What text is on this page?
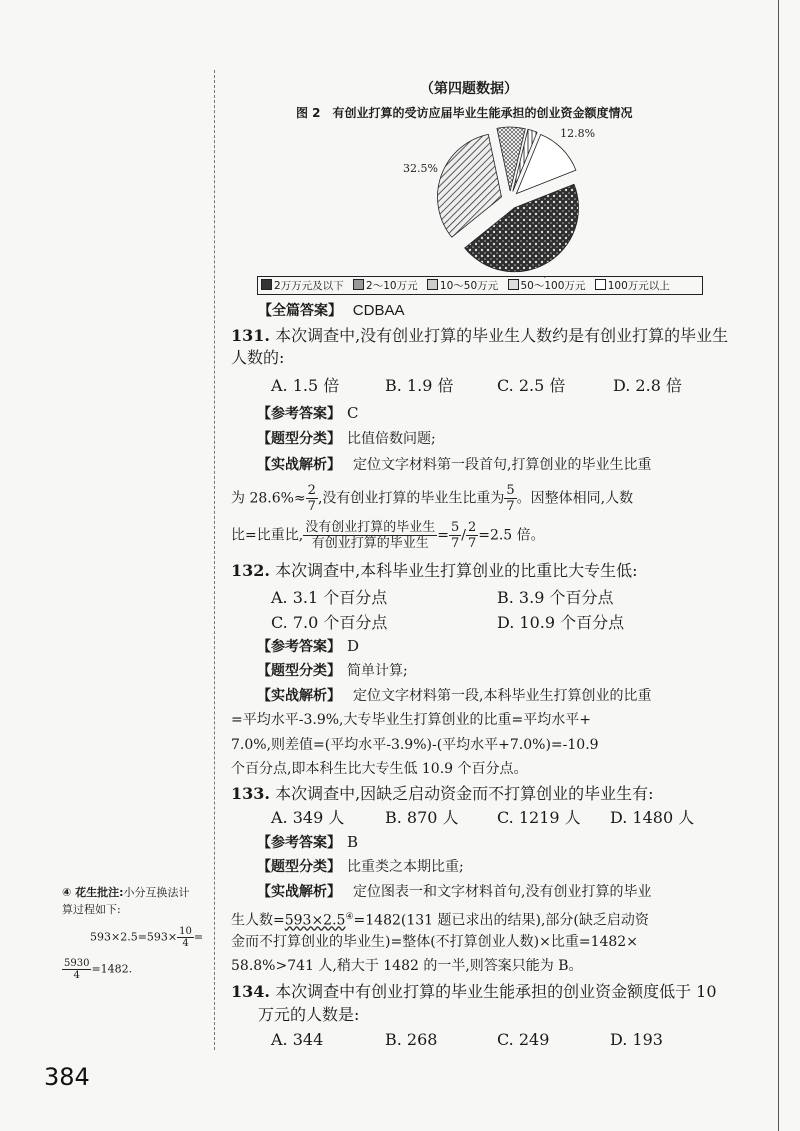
（第四题数据）
图 2　有创业打算的受访应届毕业生能承担的创业资金额度情况
32.5%
12.8%
2万万元及以下 2～10万元 10～50万元 50～100万元 100万元以上
【全篇答案】 CDBAA
131. 本次调查中,没有创业打算的毕业生人数约是有创业打算的毕业生人数的:
A. 1.5 倍	B. 1.9 倍	C. 2.5 倍	D. 2.8 倍
【参考答案】 C
【题型分类】 比值倍数问题;
【实战解析】 定位文字材料第一段首句,打算创业的毕业生比重
为 $28.6\%\approx \frac{2}{7}$ ,没有创业打算的毕业生比重为 $\frac{5}{7}$ 。因整体相同,人数
比=比重比, $\frac{\text{没有创业打算的毕业生}}{\text{有创业打算的毕业生}} = \frac{5}{7} / \frac{2}{7} =2.5$ 倍。
132. 本次调查中,本科毕业生打算创业的比重比大专生低:
A. 3.1 个百分点	B. 3.9 个百分点
C. 7.0 个百分点	D. 10.9 个百分点
【参考答案】 D
【题型分类】 简单计算;
【实战解析】 定位文字材料第一段,本科毕业生打算创业的比重
=平均水平-3.9%,大专毕业生打算创业的比重=平均水平+
7.0%,则差值=(平均水平-3.9%)-(平均水平+7.0%)=-10.9
个百分点,即本科生比大专生低 10.9 个百分点。
133. 本次调查中,因缺乏启动资金而不打算创业的毕业生有:
A. 349 人	B. 870 人 C. 1219 人 D. 1480 人
【参考答案】 B
【题型分类】 比重类之本期比重;
【实战解析】 定位图表一和文字材料首句,没有创业打算的毕业
生人数=593×2.5④=1482(131 题已求出的结果),部分(缺乏启动资
金而不打算创业的毕业生)=整体(不打算创业人数)×比重=1482×
58.8%>741 人,稍大于 1482 的一半,则答案只能为 B。
134. 本次调查中有创业打算的毕业生能承担的创业资金额度低于 10
万元的人数是:
A. 344	B. 268	C. 249	D. 193
④ 花生批注:小分互换法计
算过程如下:
$593\times 2.5=593\times \frac{10}{4}$ =
$\frac{5930}{4} =1482$.
384
